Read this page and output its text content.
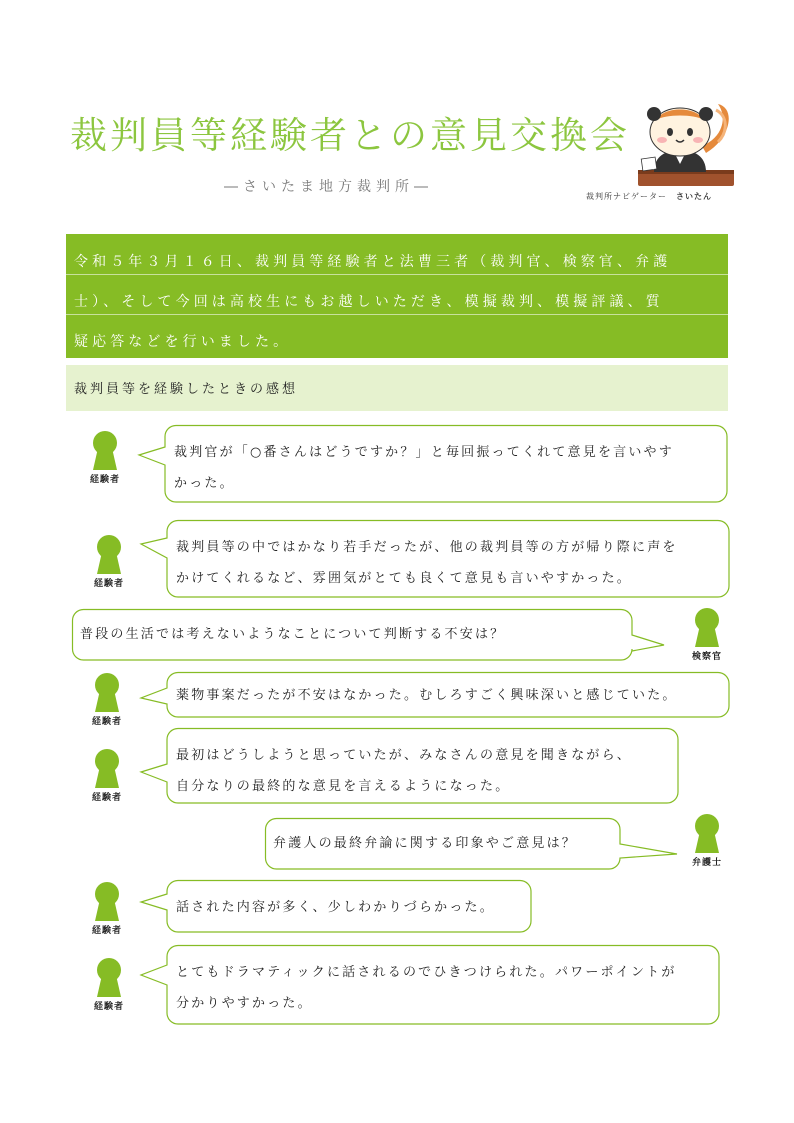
裁判員等経験者との意見交換会
―さいたま地方裁判所―
裁判所ナビゲーター　 さいたん
令和５年３月１６日、裁判員等経験者と法曹三者（裁判官、検察官、弁護
士）、そして今回は高校生にもお越しいただき、模擬裁判、模擬評議、質
疑応答などを行いました。
裁判員等を経験したときの感想
経験者
裁判官が「○番さんはどうですか？」と毎回振ってくれて意見を言いやす
かった。
経験者
裁判員等の中ではかなり若手だったが、他の裁判員等の方が帰り際に声を
かけてくれるなど、雰囲気がとても良くて意見も言いやすかった。
普段の生活では考えないようなことについて判断する不安は？
検察官
経験者
薬物事案だったが不安はなかった。むしろすごく興味深いと感じていた。
経験者
最初はどうしようと思っていたが、みなさんの意見を聞きながら、
自分なりの最終的な意見を言えるようになった。
弁護人の最終弁論に関する印象やご意見は？
弁護士
経験者
話された内容が多く、少しわかりづらかった。
経験者
とてもドラマティックに話されるのでひきつけられた。パワーポイントが
分かりやすかった。
